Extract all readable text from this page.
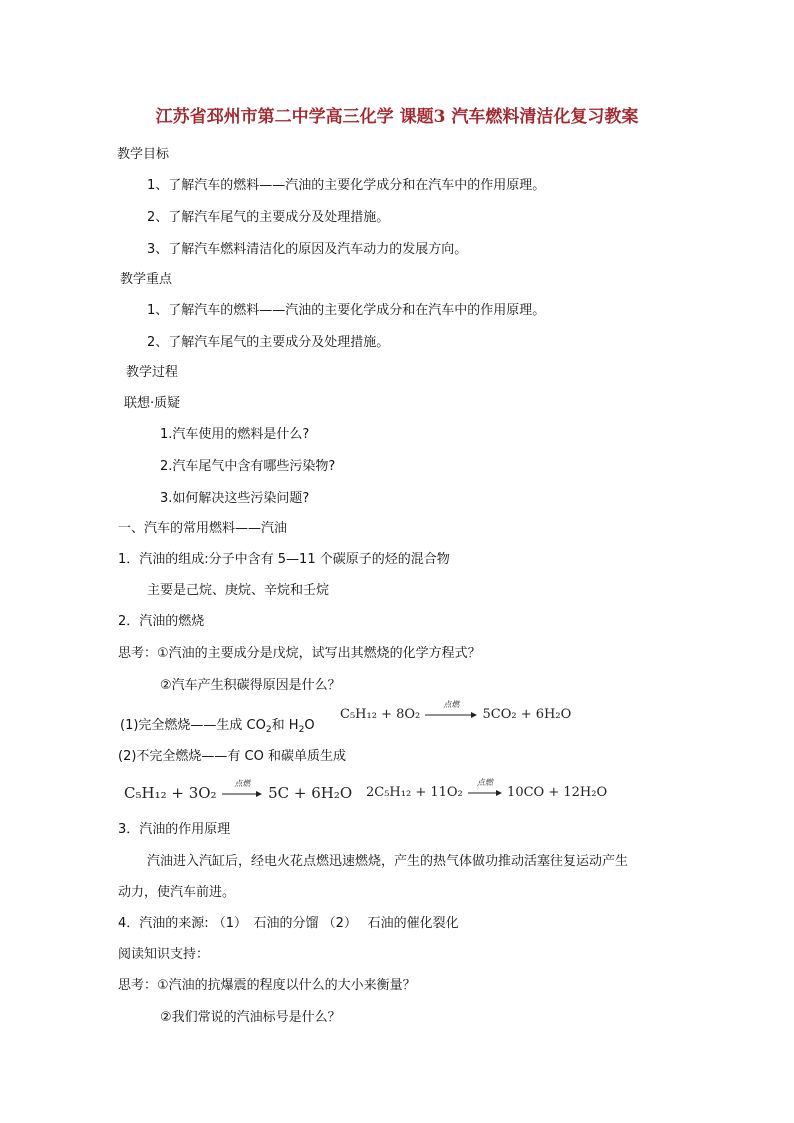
江苏省邳州市第二中学高三化学 课题3 汽车燃料清洁化复习教案
教学目标
1、了解汽车的燃料——汽油的主要化学成分和在汽车中的作用原理。
2、了解汽车尾气的主要成分及处理措施。
3、了解汽车燃料清洁化的原因及汽车动力的发展方向。
教学重点
1、了解汽车的燃料——汽油的主要化学成分和在汽车中的作用原理。
2、了解汽车尾气的主要成分及处理措施。
教学过程
联想·质疑
1.汽车使用的燃料是什么?
2.汽车尾气中含有哪些污染物?
3.如何解决这些污染问题?
一、汽车的常用燃料——汽油
1．汽油的组成:分子中含有 5—11 个碳原子的烃的混合物
主要是己烷、庚烷、辛烷和壬烷
2．汽油的燃烧
思考：①汽油的主要成分是戊烷，试写出其燃烧的化学方程式？
②汽车产生积碳得原因是什么？
(1)完全燃烧——生成 $CO_2$和 $H_2O$
C₅H₁₂ + 8O₂
点燃
5CO₂ + 6H₂O
(2)不完全燃烧——有 CO 和碳单质生成
C₅H₁₂ + 3O₂
点燃
5C + 6H₂O 2C₅H₁₂ + 11O₂
点燃
10CO + 12H₂O
3．汽油的作用原理
汽油进入汽缸后，经电火花点燃迅速燃烧，产生的热气体做功推动活塞往复运动产生
动力，使汽车前进。
4．汽油的来源: （1）　石油的分馏 （2）　 石油的催化裂化
阅读知识支持：
思考：①汽油的抗爆震的程度以什么的大小来衡量？
②我们常说的汽油标号是什么？
